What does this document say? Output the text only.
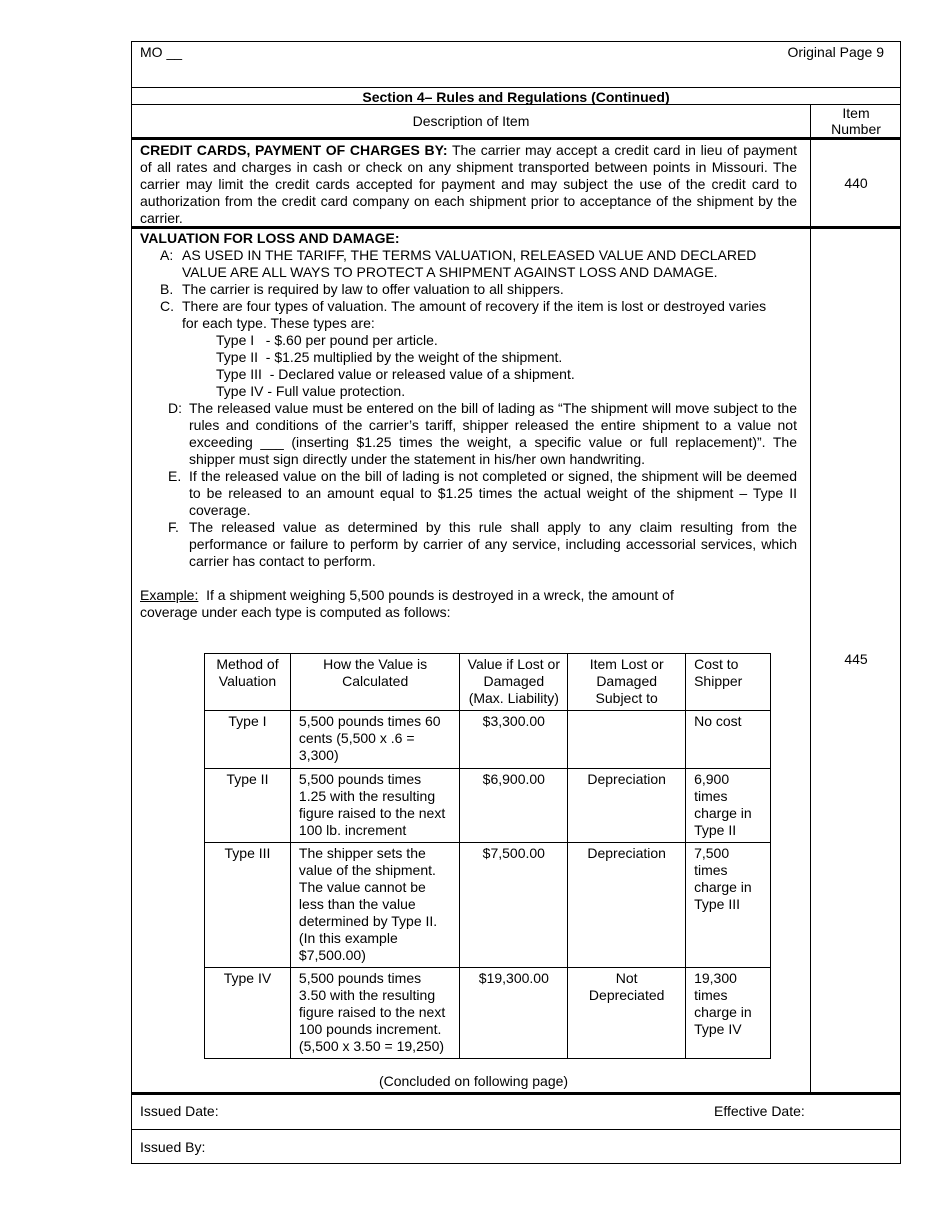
MO __	Original Page 9
Section 4– Rules and Regulations (Continued)
Description of Item	Item Number
CREDIT CARDS, PAYMENT OF CHARGES BY: The carrier may accept a credit card in lieu of payment of all rates and charges in cash or check on any shipment transported between points in Missouri. The carrier may limit the credit cards accepted for payment and may subject the use of the credit card to authorization from the credit card company on each shipment prior to acceptance of the shipment by the carrier.
440
VALUATION FOR LOSS AND DAMAGE:
A: AS USED IN THE TARIFF, THE TERMS VALUATION, RELEASED VALUE AND DECLARED VALUE ARE ALL WAYS TO PROTECT A SHIPMENT AGAINST LOSS AND DAMAGE.
B. The carrier is required by law to offer valuation to all shippers.
C. There are four types of valuation. The amount of recovery if the item is lost or destroyed varies for each type. These types are:
Type I   - $.60 per pound per article.
Type II  - $1.25 multiplied by the weight of the shipment.
Type III  - Declared value or released value of a shipment.
Type IV - Full value protection.
D: The released value must be entered on the bill of lading as “The shipment will move subject to the rules and conditions of the carrier’s tariff, shipper released the entire shipment to a value not exceeding ___ (inserting $1.25 times the weight, a specific value or full replacement)”. The shipper must sign directly under the statement in his/her own handwriting.
E. If the released value on the bill of lading is not completed or signed, the shipment will be deemed to be released to an amount equal to $1.25 times the actual weight of the shipment – Type II coverage.
F. The released value as determined by this rule shall apply to any claim resulting from the performance or failure to perform by carrier of any service, including accessorial services, which carrier has contact to perform.
Example: If a shipment weighing 5,500 pounds is destroyed in a wreck, the amount of coverage under each type is computed as follows:
445
Method of Valuation	How the Value is Calculated	Value if Lost or Damaged (Max. Liability)	Item Lost or Damaged Subject to	Cost to Shipper
Type I	5,500 pounds times 60 cents (5,500 x .6 = 3,300)	$3,300.00		No cost
Type II	5,500 pounds times 1.25 with the resulting figure raised to the next 100 lb. increment	$6,900.00	Depreciation	6,900 times charge in Type II
Type III	The shipper sets the value of the shipment. The value cannot be less than the value determined by Type II. (In this example $7,500.00)	$7,500.00	Depreciation	7,500 times charge in Type III
Type IV	5,500 pounds times 3.50 with the resulting figure raised to the next 100 pounds increment. (5,500 x 3.50 = 19,250)	$19,300.00	Not Depreciated	19,300 times charge in Type IV
(Concluded on following page)
Issued Date:	Effective Date:
Issued By:
